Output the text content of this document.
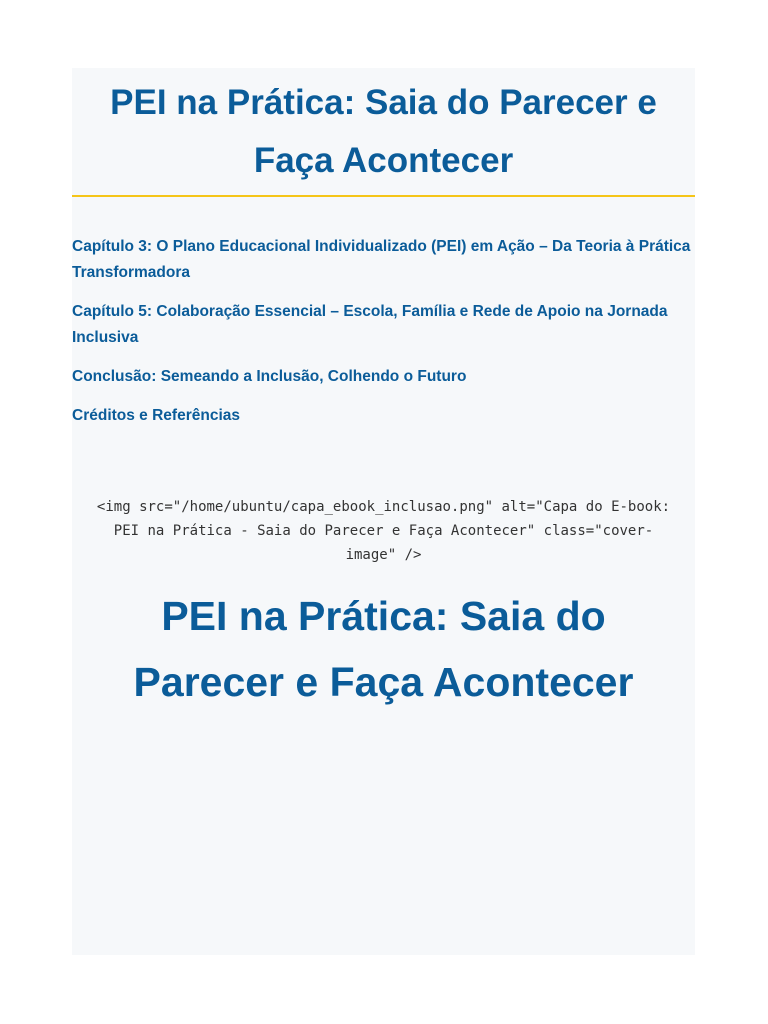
PEI na Prática: Saia do Parecer e Faça Acontecer
Capítulo 3: O Plano Educacional Individualizado (PEI) em Ação – Da Teoria à Prática Transformadora
Capítulo 5: Colaboração Essencial – Escola, Família e Rede de Apoio na Jornada Inclusiva
Conclusão: Semeando a Inclusão, Colhendo o Futuro
Créditos e Referências
<img src="/home/ubuntu/capa_ebook_inclusao.png" alt="Capa do E-book: PEI na Prática - Saia do Parecer e Faça Acontecer" class="cover-image" />
PEI na Prática: Saia do Parecer e Faça Acontecer
